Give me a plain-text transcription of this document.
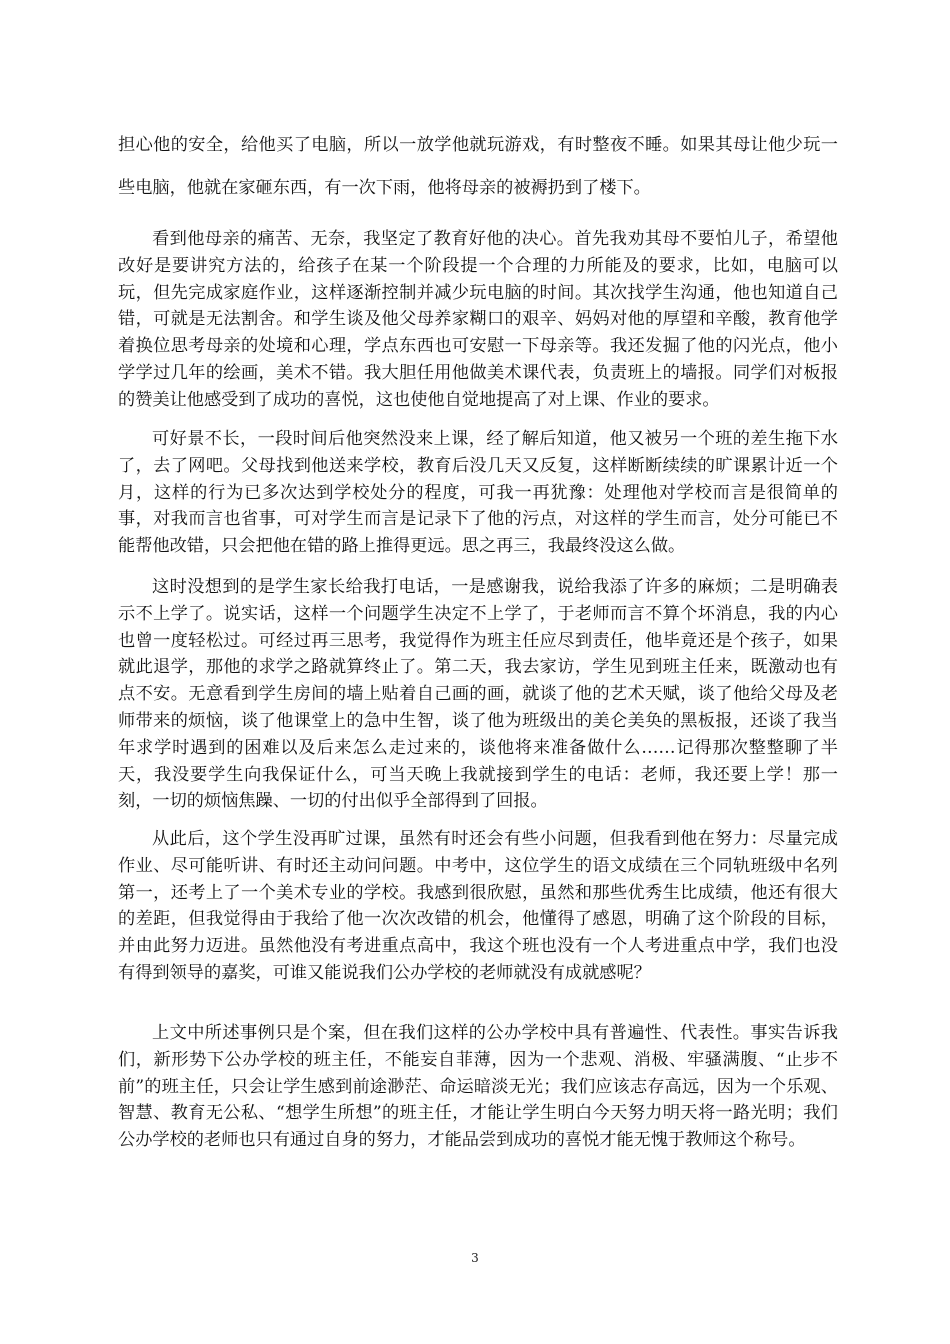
担心他的安全，给他买了电脑，所以一放学他就玩游戏，有时整夜不睡。如果其母让他少玩一些电脑，他就在家砸东西，有一次下雨，他将母亲的被褥扔到了楼下。

看到他母亲的痛苦、无奈，我坚定了教育好他的决心。首先我劝其母不要怕儿子，希望他改好是要讲究方法的，给孩子在某一个阶段提一个合理的力所能及的要求，比如，电脑可以玩，但先完成家庭作业，这样逐渐控制并减少玩电脑的时间。其次找学生沟通，他也知道自己错，可就是无法割舍。和学生谈及他父母养家糊口的艰辛、妈妈对他的厚望和辛酸，教育他学着换位思考母亲的处境和心理，学点东西也可安慰一下母亲等。我还发掘了他的闪光点，他小学学过几年的绘画，美术不错。我大胆任用他做美术课代表，负责班上的墙报。同学们对板报的赞美让他感受到了成功的喜悦，这也使他自觉地提高了对上课、作业的要求。

可好景不长，一段时间后他突然没来上课，经了解后知道，他又被另一个班的差生拖下水了，去了网吧。父母找到他送来学校，教育后没几天又反复，这样断断续续的旷课累计近一个月，这样的行为已多次达到学校处分的程度，可我一再犹豫：处理他对学校而言是很简单的事，对我而言也省事，可对学生而言是记录下了他的污点，对这样的学生而言，处分可能已不能帮他改错，只会把他在错的路上推得更远。思之再三，我最终没这么做。

这时没想到的是学生家长给我打电话，一是感谢我，说给我添了许多的麻烦；二是明确表示不上学了。说实话，这样一个问题学生决定不上学了，于老师而言不算个坏消息，我的内心也曾一度轻松过。可经过再三思考，我觉得作为班主任应尽到责任，他毕竟还是个孩子，如果就此退学，那他的求学之路就算终止了。第二天，我去家访，学生见到班主任来，既激动也有点不安。无意看到学生房间的墙上贴着自己画的画，就谈了他的艺术天赋，谈了他给父母及老师带来的烦恼，谈了他课堂上的急中生智，谈了他为班级出的美仑美奂的黑板报，还谈了我当年求学时遇到的困难以及后来怎么走过来的，谈他将来准备做什么……记得那次整整聊了半天，我没要学生向我保证什么，可当天晚上我就接到学生的电话：老师，我还要上学！那一刻，一切的烦恼焦躁、一切的付出似乎全部得到了回报。

从此后，这个学生没再旷过课，虽然有时还会有些小问题，但我看到他在努力：尽量完成作业、尽可能听讲、有时还主动问问题。中考中，这位学生的语文成绩在三个同轨班级中名列第一，还考上了一个美术专业的学校。我感到很欣慰，虽然和那些优秀生比成绩，他还有很大的差距，但我觉得由于我给了他一次次改错的机会，他懂得了感恩，明确了这个阶段的目标，并由此努力迈进。虽然他没有考进重点高中，我这个班也没有一个人考进重点中学，我们也没有得到领导的嘉奖，可谁又能说我们公办学校的老师就没有成就感呢？

上文中所述事例只是个案，但在我们这样的公办学校中具有普遍性、代表性。事实告诉我们，新形势下公办学校的班主任，不能妄自菲薄，因为一个悲观、消极、牢骚满腹、“止步不前”的班主任，只会让学生感到前途渺茫、命运暗淡无光；我们应该志存高远，因为一个乐观、智慧、教育无公私、“想学生所想”的班主任，才能让学生明白今天努力明天将一路光明；我们公办学校的老师也只有通过自身的努力，才能品尝到成功的喜悦才能无愧于教师这个称号。

3
